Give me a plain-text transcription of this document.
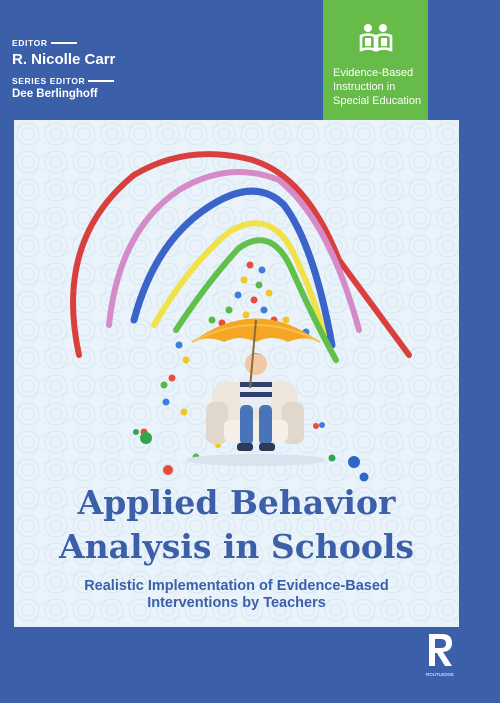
EDITOR
R. Nicolle Carr
SERIES EDITOR
Dee Berlinghoff
Evidence-Based Instruction in Special Education
Applied Behavior
Analysis in Schools
Realistic Implementation of Evidence-Based
Interventions by Teachers
ROUTLEDGE
